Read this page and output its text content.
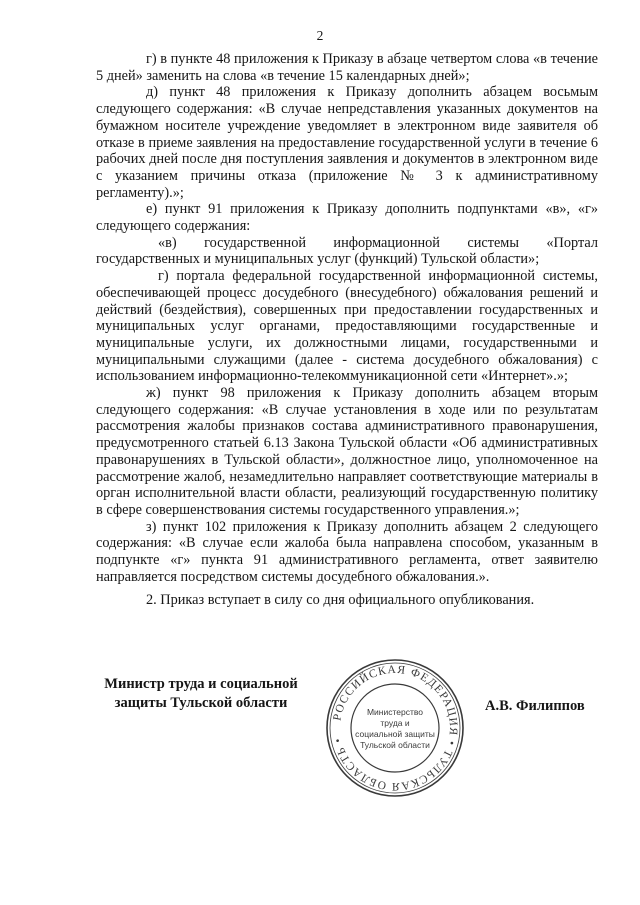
2

г) в пункте 48 приложения к Приказу в абзаце четвертом слова «в течение 5 дней» заменить на слова «в течение 15 календарных дней»;

д) пункт 48 приложения к Приказу дополнить абзацем восьмым следующего содержания: «В случае непредставления указанных документов на бумажном носителе учреждение уведомляет в электронном виде заявителя об отказе в приеме заявления на предоставление государственной услуги в течение 6 рабочих дней после дня поступления заявления и документов в электронном виде с указанием причины отказа (приложение № 3 к административному регламенту).»;

е) пункт 91 приложения к Приказу дополнить подпунктами «в», «г» следующего содержания:

«в) государственной информационной системы «Портал государственных и муниципальных услуг (функций) Тульской области»;

г) портала федеральной государственной информационной системы, обеспечивающей процесс досудебного (внесудебного) обжалования решений и действий (бездействия), совершенных при предоставлении государственных и муниципальных услуг органами, предоставляющими государственные и муниципальные услуги, их должностными лицами, государственными и муниципальными служащими (далее - система досудебного обжалования) с использованием информационно-телекоммуникационной сети «Интернет».»;

ж) пункт 98 приложения к Приказу дополнить абзацем вторым следующего содержания: «В случае установления в ходе или по результатам рассмотрения жалобы признаков состава административного правонарушения, предусмотренного статьей 6.13 Закона Тульской области «Об административных правонарушениях в Тульской области», должностное лицо, уполномоченное на рассмотрение жалоб, незамедлительно направляет соответствующие материалы в орган исполнительной власти области, реализующий государственную политику в сфере совершенствования системы государственного управления.»;

з) пункт 102 приложения к Приказу дополнить абзацем 2 следующего содержания: «В случае если жалоба была направлена способом, указанным в подпункте «г» пункта 91 административного регламента, ответ заявителю направляется посредством системы досудебного обжалования.».

2. Приказ вступает в силу со дня официального опубликования.

Министр труда и социальной
защиты Тульской области
РОССИЙСКАЯ ФЕДЕРАЦИЯ • ТУЛЬСКАЯ ОБЛАСТЬ •
Министерство
труда и
социальной защиты
Тульской области
А.В. Филиппов
